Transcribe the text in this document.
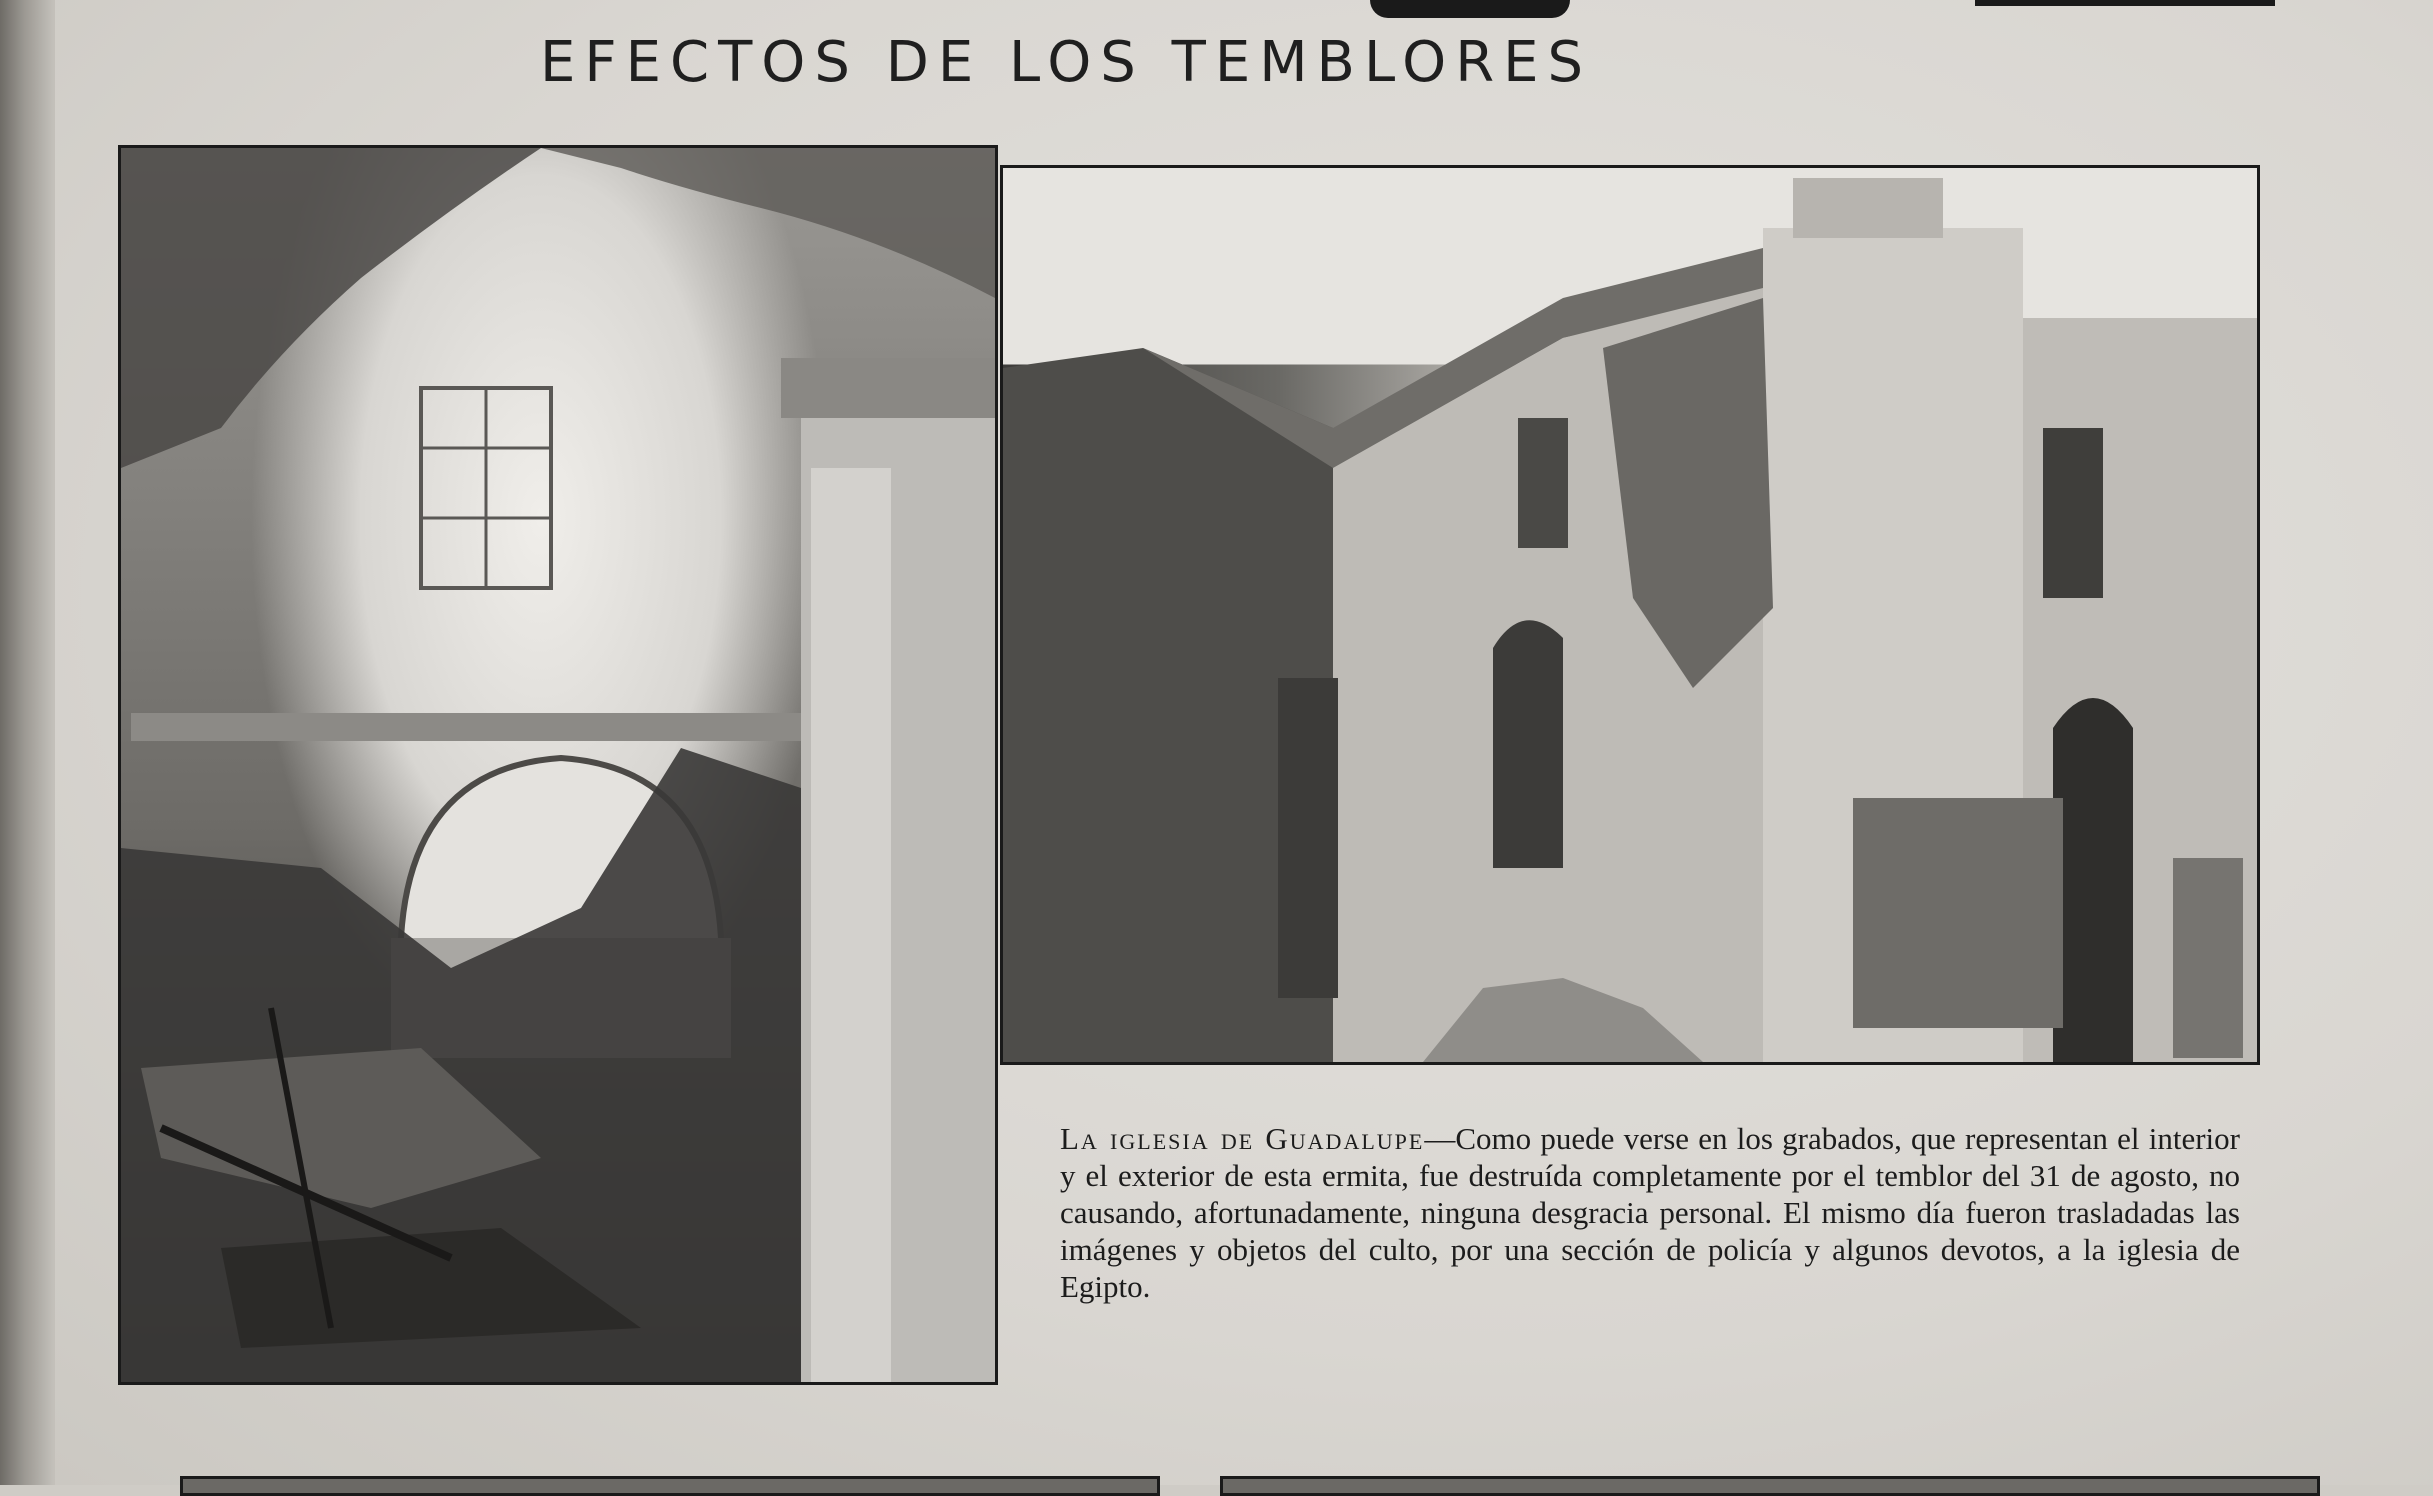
EFECTOS DE LOS TEMBLORES
La iglesia de Guadalupe—Como puede verse en los grabados, que representan el interior y el exterior de esta ermita, fue destruída completamente por el temblor del 31 de agosto, no causando, afortunadamente, ninguna desgracia personal. El mismo día fueron trasladadas las imágenes y objetos del culto, por una sección de policía y algunos devotos, a la iglesia de Egipto.
